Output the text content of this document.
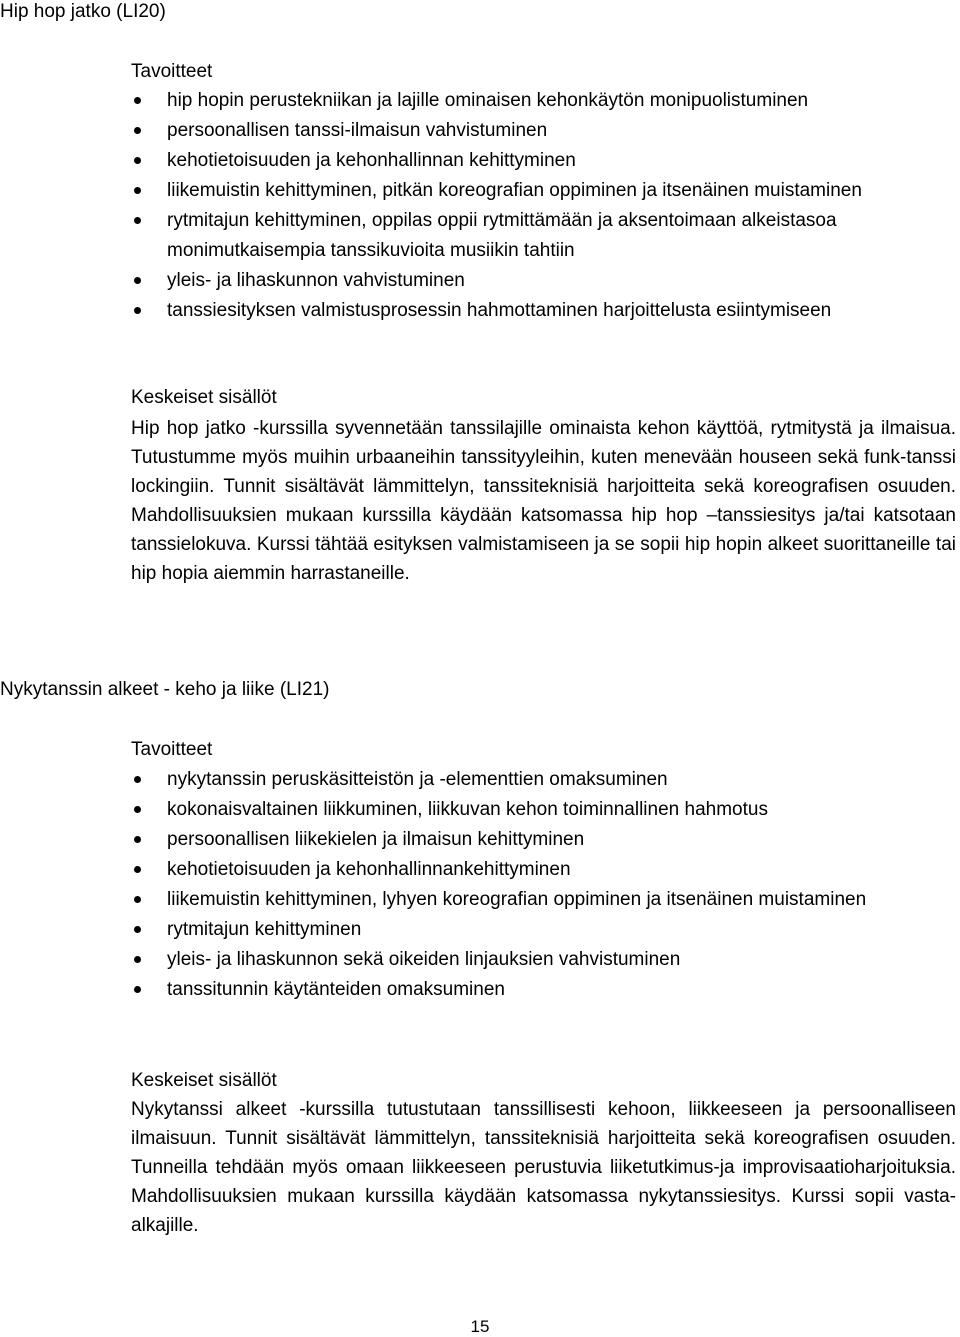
Hip hop jatko (LI20)
Tavoitteet
hip hopin perustekniikan ja lajille ominaisen kehonkäytön monipuolistuminen
persoonallisen tanssi-ilmaisun vahvistuminen
kehotietoisuuden ja kehonhallinnan kehittyminen
liikemuistin kehittyminen, pitkän koreografian oppiminen ja itsenäinen muistaminen
rytmitajun kehittyminen, oppilas oppii rytmittämään ja aksentoimaan alkeistasoa monimutkaisempia tanssikuvioita musiikin tahtiin
yleis- ja lihaskunnon vahvistuminen
tanssiesityksen valmistusprosessin hahmottaminen harjoittelusta esiintymiseen
Keskeiset sisällöt
Hip hop jatko -kurssilla syvennetään tanssilajille ominaista kehon käyttöä, rytmitystä ja ilmaisua. Tutustumme myös muihin urbaaneihin tanssityyleihin, kuten menevään houseen sekä funk-tanssi lockingiin. Tunnit sisältävät lämmittelyn, tanssiteknisiä harjoitteita sekä koreografisen osuuden. Mahdollisuuksien mukaan kurssilla käydään katsomassa hip hop –tanssiesitys ja/tai katsotaan tanssielokuva. Kurssi tähtää esityksen valmistamiseen ja se sopii hip hopin alkeet suorittaneille tai hip hopia aiemmin harrastaneille.
Nykytanssin alkeet - keho ja liike (LI21)
Tavoitteet
nykytanssin peruskäsitteistön ja -elementtien omaksuminen
kokonaisvaltainen liikkuminen, liikkuvan kehon toiminnallinen hahmotus
persoonallisen liikekielen ja ilmaisun kehittyminen
kehotietoisuuden ja kehonhallinnankehittyminen
liikemuistin kehittyminen, lyhyen koreografian oppiminen ja itsenäinen muistaminen
rytmitajun kehittyminen
yleis- ja lihaskunnon sekä oikeiden linjauksien vahvistuminen
tanssitunnin käytänteiden omaksuminen
Keskeiset sisällöt
Nykytanssi alkeet -kurssilla tutustutaan tanssillisesti kehoon, liikkeeseen ja persoonalliseen ilmaisuun. Tunnit sisältävät lämmittelyn, tanssiteknisiä harjoitteita sekä koreografisen osuuden. Tunneilla tehdään myös omaan liikkeeseen perustuvia liiketutkimus-ja improvisaatioharjoituksia. Mahdollisuuksien mukaan kurssilla käydään katsomassa nykytanssiesitys. Kurssi sopii vasta-alkajille.
15
